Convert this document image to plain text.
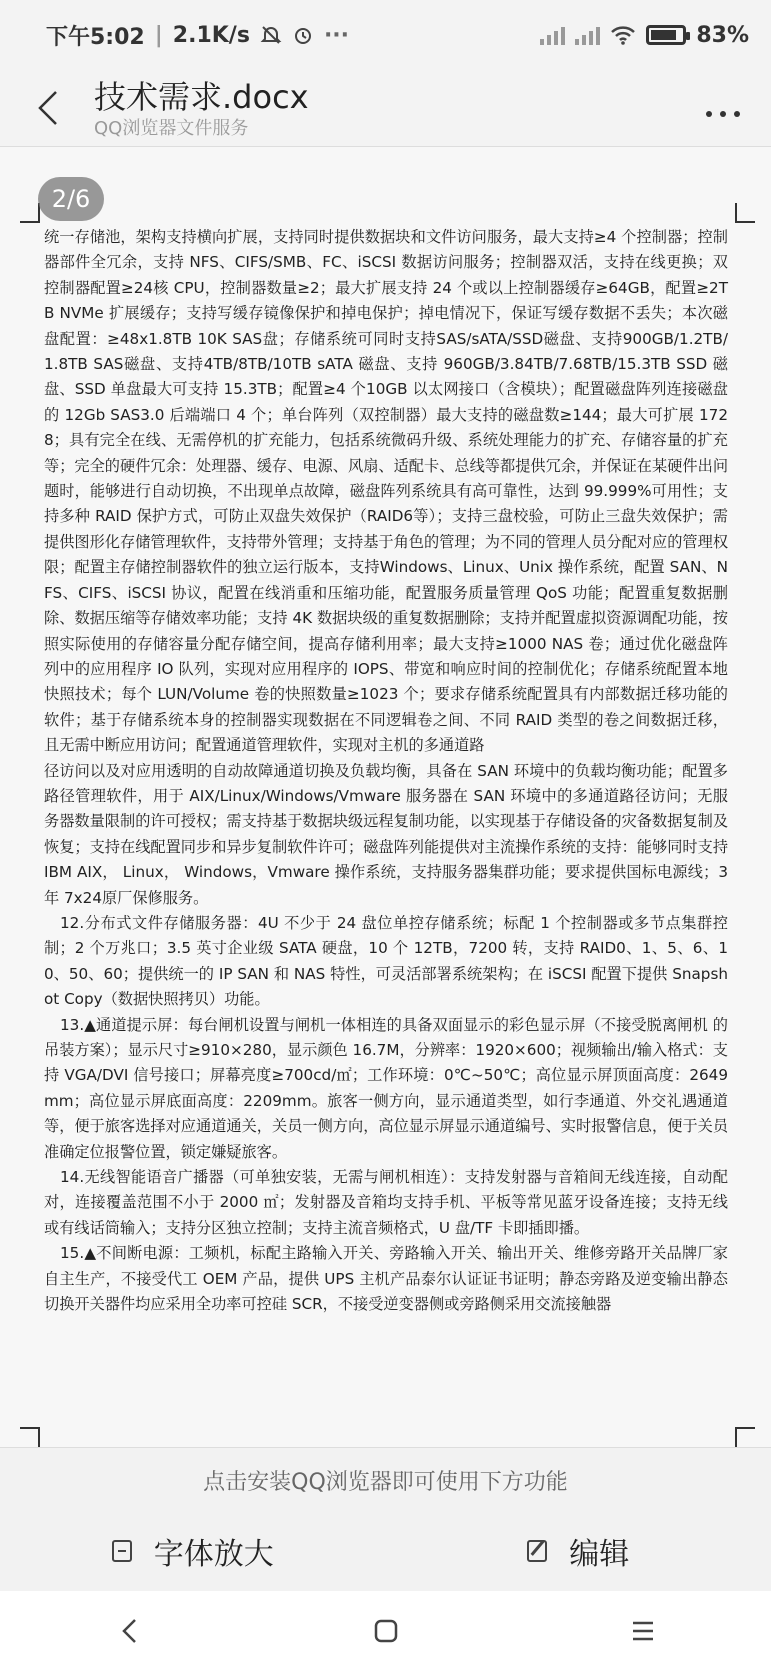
下午5:02 | 2.1K/s	···	83%
技术需求.docx
QQ浏览器文件服务
2/6

统一存储池，架构支持横向扩展，支持同时提供数据块和文件访问服务，最大支持≥4 个控制器；控制器部件全冗余，支持 NFS、CIFS/SMB、FC、iSCSI 数据访问服务；控制器双活，支持在线更换；双控制器配置≥24核 CPU，控制器数量≥2；最大扩展支持 24 个或以上控制器缓存≥64GB，配置≥2TB NVMe 扩展缓存；支持写缓存镜像保护和掉电保护；掉电情况下，保证写缓存数据不丢失；本次磁盘配置：≥48x1.8TB 10K SAS盘；存储系统可同时支持SAS/sATA/SSD磁盘、支持900GB/1.2TB/1.8TB SAS磁盘、支持4TB/8TB/10TB sATA 磁盘、支持 960GB/3.84TB/7.68TB/15.3TB SSD 磁盘、SSD 单盘最大可支持 15.3TB；配置≥4 个10GB 以太网接口（含模块）；配置磁盘阵列连接磁盘的 12Gb SAS3.0 后端端口 4 个；单台阵列（双控制器）最大支持的磁盘数≥144；最大可扩展 1728；具有完全在线、无需停机的扩充能力，包括系统微码升级、系统处理能力的扩充、存储容量的扩充等；完全的硬件冗余：处理器、缓存、电源、风扇、适配卡、总线等都提供冗余，并保证在某硬件出问题时，能够进行自动切换，不出现单点故障，磁盘阵列系统具有高可靠性，达到 99.999%可用性；支持多种 RAID 保护方式，可防止双盘失效保护（RAID6等）；支持三盘校验，可防止三盘失效保护；需提供图形化存储管理软件，支持带外管理；支持基于角色的管理；为不同的管理人员分配对应的管理权限；配置主存储控制器软件的独立运行版本，支持Windows、Linux、Unix 操作系统，配置 SAN、NFS、CIFS、iSCSI 协议，配置在线消重和压缩功能，配置服务质量管理 QoS 功能；配置重复数据删除、数据压缩等存储效率功能；支持 4K 数据块级的重复数据删除；支持并配置虚拟资源调配功能，按照实际使用的存储容量分配存储空间，提高存储利用率；最大支持≥1000 NAS 卷；通过优化磁盘阵列中的应用程序 IO 队列，实现对应用程序的 IOPS、带宽和响应时间的控制优化；存储系统配置本地快照技术；每个 LUN/Volume 卷的快照数量≥1023 个；要求存储系统配置具有内部数据迁移功能的软件；基于存储系统本身的控制器实现数据在不同逻辑卷之间、不同 RAID 类型的卷之间数据迁移，且无需中断应用访问；配置通道管理软件，实现对主机的多通道路

径访问以及对应用透明的自动故障通道切换及负载均衡，具备在 SAN 环境中的负载均衡功能；配置多路径管理软件，用于 AIX/Linux/Windows/Vmware 服务器在 SAN 环境中的多通道路径访问；无服务器数量限制的许可授权；需支持基于数据块级远程复制功能，以实现基于存储设备的灾备数据复制及恢复；支持在线配置同步和异步复制软件许可；磁盘阵列能提供对主流操作系统的支持：能够同时支持 IBM AIX， Linux， Windows，Vmware 操作系统，支持服务器集群功能；要求提供国标电源线；3 年 7x24原厂保修服务。

12.分布式文件存储服务器：4U 不少于 24 盘位单控存储系统；标配 1 个控制器或多节点集群控制；2 个万兆口；3.5 英寸企业级 SATA 硬盘，10 个 12TB，7200 转，支持 RAID0、1、5、6、10、50、60；提供统一的 IP SAN 和 NAS 特性，可灵活部署系统架构；在 iSCSI 配置下提供 Snapshot Copy（数据快照拷贝）功能。

13.▲通道提示屏：每台闸机设置与闸机一体相连的具备双面显示的彩色显示屏（不接受脱离闸机 的吊装方案）；显示尺寸≥910×280，显示颜色 16.7M，分辨率：1920×600；视频输出/输入格式：支持 VGA/DVI 信号接口；屏幕亮度≥700cd/㎡；工作环境：0℃~50℃；高位显示屏顶面高度：2649mm；高位显示屏底面高度：2209mm。旅客一侧方向，显示通道类型，如行李通道、外交礼遇通道等，便于旅客选择对应通道通关，关员一侧方向，高位显示屏显示通道编号、实时报警信息，便于关员准确定位报警位置，锁定嫌疑旅客。

14.无线智能语音广播器（可单独安装，无需与闸机相连）：支持发射器与音箱间无线连接，自动配对，连接覆盖范围不小于 2000 ㎡；发射器及音箱均支持手机、平板等常见蓝牙设备连接；支持无线或有线话筒输入；支持分区独立控制；支持主流音频格式，U 盘/TF 卡即插即播。

15.▲不间断电源：工频机，标配主路输入开关、旁路输入开关、输出开关、维修旁路开关品牌厂家自主生产，不接受代工 OEM 产品，提供 UPS 主机产品泰尔认证证书证明；静态旁路及逆变输出静态切换开关器件均应采用全功率可控硅 SCR，不接受逆变器侧或旁路侧采用交流接触器

点击安装QQ浏览器即可使用下方功能
字体放大	编辑
